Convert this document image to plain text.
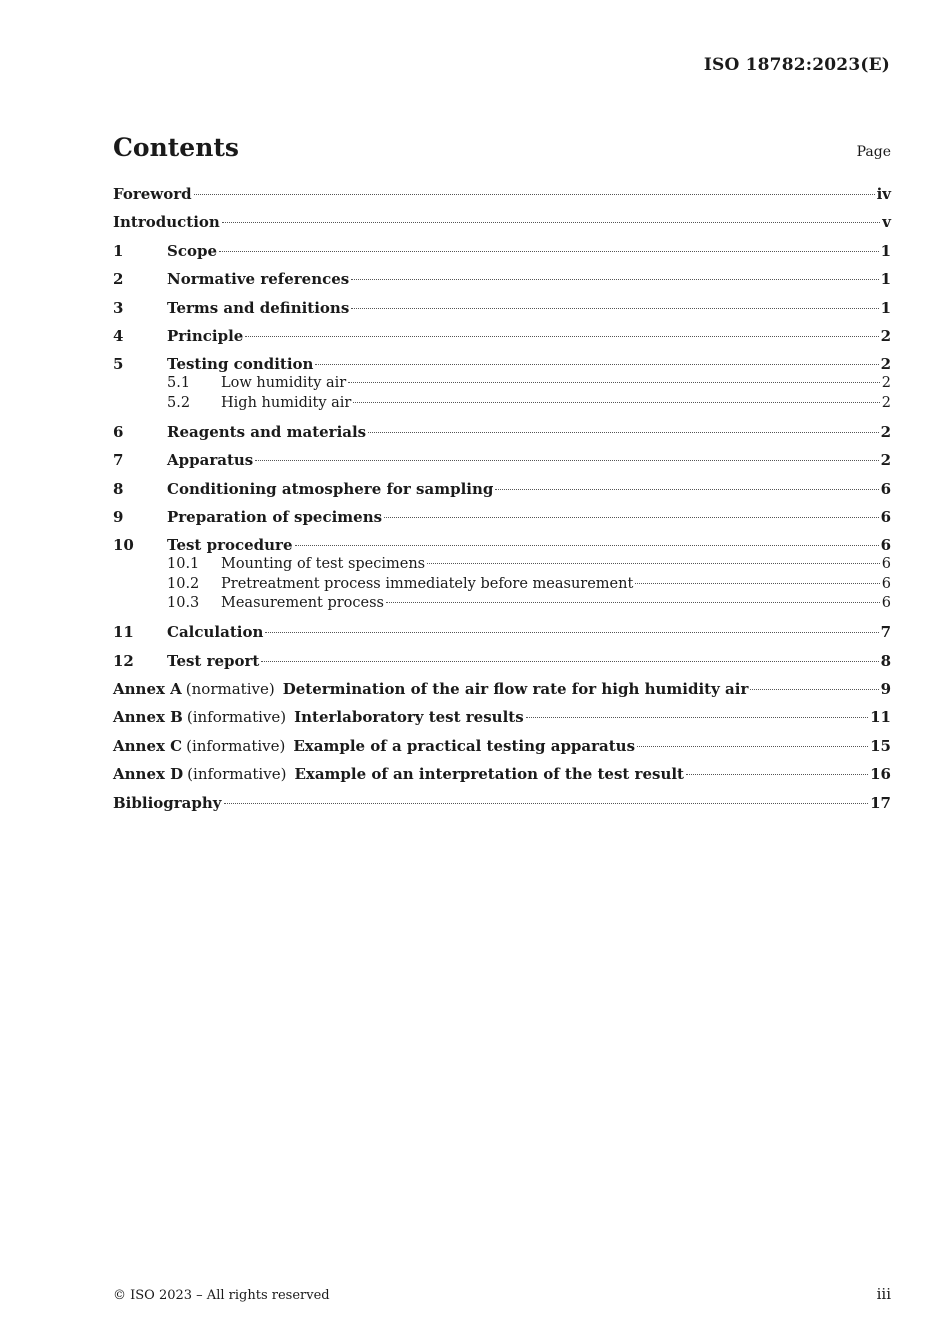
ISO 18782:2023(E)
Contents	Page
Foreword	iv
Introduction	v
1	Scope	1
2	Normative references	1
3	Terms and definitions	1
4	Principle	2
5	Testing condition	2
5.1	Low humidity air	2
5.2	High humidity air	2
6	Reagents and materials	2
7	Apparatus	2
8	Conditioning atmosphere for sampling	6
9	Preparation of specimens	6
10	Test procedure	6
10.1	Mounting of test specimens	6
10.2	Pretreatment process immediately before measurement	6
10.3	Measurement process	6
11	Calculation	7
12	Test report	8
Annex A (normative) Determination of the air flow rate for high humidity air	9
Annex B (informative) Interlaboratory test results	11
Annex C (informative) Example of a practical testing apparatus	15
Annex D (informative) Example of an interpretation of the test result	16
Bibliography	17
© ISO 2023 – All rights reserved	iii
